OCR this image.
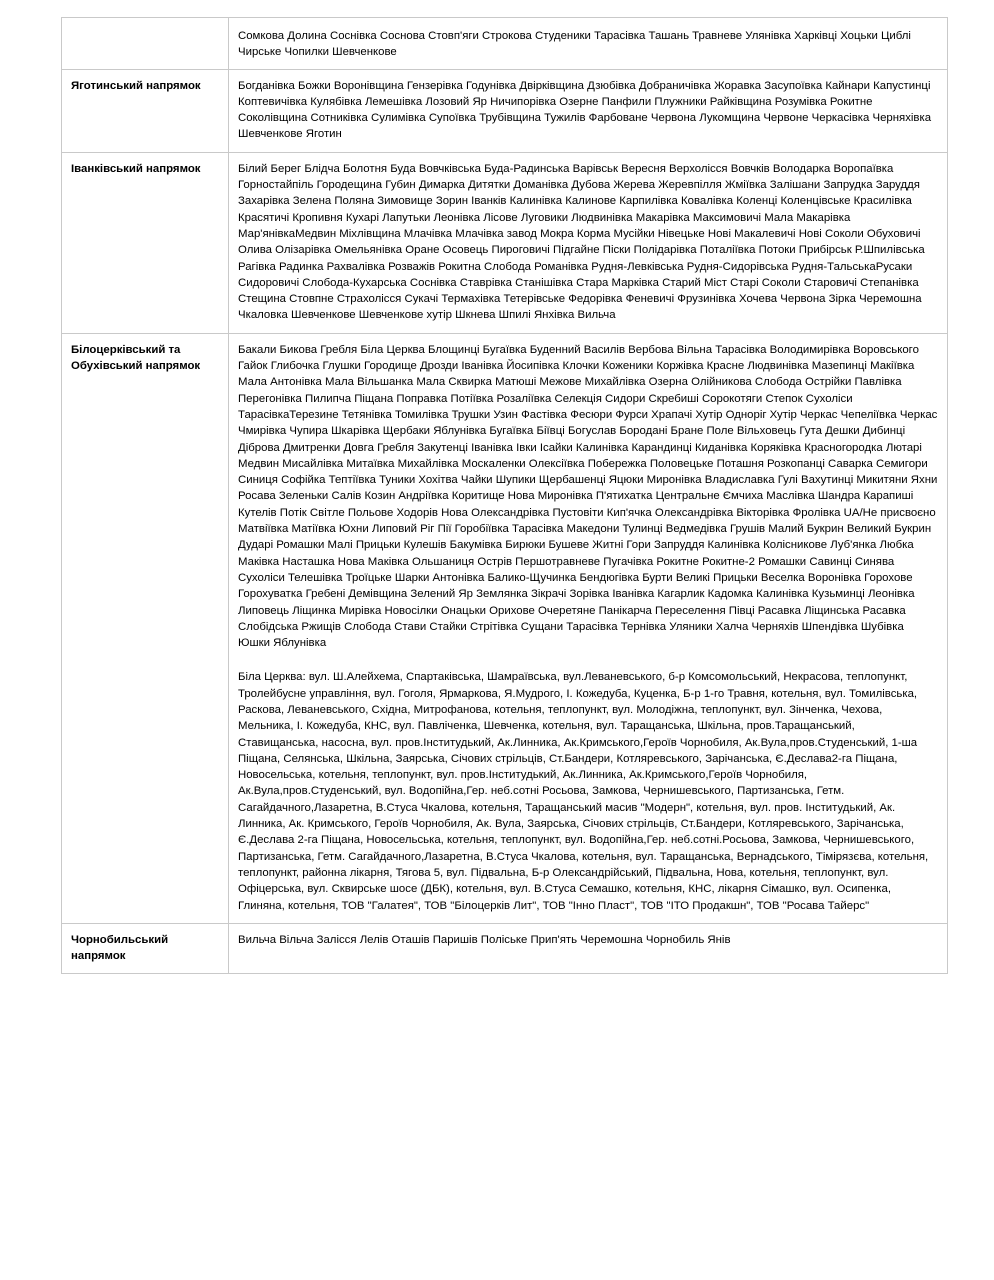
	Сомкова Долина Соснівка Соснова Стовп'яги Строкова Студеники Тарасівка Ташань Травневе Улянівка Харківці Хоцьки Циблі Чирське Чопилки Шевченкове
Яготинський напрямок	Богданівка Божки Воронівщина Гензерівка Годунівка Двірківщина Дзюбівка Добраничівка Жоравка Засупоївка Кайнари Капустинці Коптевичівка Кулябівка Лемешівка Лозовий Яр Ничипорівка Озерне Панфили Плужники Райківщина Розумівка Рокитне Соколівщина Сотниківка Сулимівка Супоївка Трубівщина Тужилів Фарбоване Червона Лукомщина Червоне Черкасівка Черняхівка Шевченкове Яготин
Іванківський напрямок	Білий Берег Блідча Болотня Буда Вовчківська Буда-Радинська Варівськ Вересня Верхолісся Вовчків Володарка Воропаївка Горностайпіль Городещина Губин Димарка Дитятки Доманівка Дубова Жерева Жеревпілля Жміївка Залішани Запрудка Заруддя Захарівка Зелена Поляна Зимовище Зорин Іванків Калинівка Калинове Карпилівка Ковалівка Коленці Коленцівське Красилівка Красятичі Кропивня Кухарі Лапутьки Леонівка Лісове Луговики Людвинівка Макарівка Максимовичі Мала Макарівка Мар'янівкаМедвин Міхлівщина Млачівка Млачівка завод Мокра Корма Мусійки Нівецьке Нові Макалевичі Нові Соколи Обуховичі Олива Олізарівка Омельянівка Оране Осовець Пироговичі Підгайне Піски Полідарівка Поталіївка Потоки Прибірськ Р.Шпилівська Рагівка Радинка Рахвалівка Розважів Рокитна Слобода Романівка Рудня-Левківська Рудня-Сидорівська Рудня-ТальськаРусаки Сидоровичі Слобода-Кухарська Соснівка Ставрівка Станішівка Стара Марківка Старий Міст Старі Соколи Старовичі Степанівка Стещина Стовпне Страхолісся Сукачі Термахівка Тетерівське Федорівка Феневичі Фрузинівка Хочева Червона Зірка Черемошна Чкаловка Шевченкове Шевченкове хутір Шкнева Шпилі Янхівка Вильча
Білоцерківський та Обухівський напрямок	Бакали Бикова Гребля Біла Церква Блощинці Бугаївка Буденний Василів Вербова Вільна Тарасівка Володимирівка Воровського Гайок Глибочка Глушки Городище Дрозди Іванівка Йосипівка Клочки Коженики Коржівка Красне Людвинівка Мазепинці Макіївка Мала Антонівка Мала Вільшанка Мала Сквирка Матюші Межове Михайлівка Озерна Олійникова Слобода Острійки Павлівка Перегонівка Пилипча Піщана Поправка Потіївка Розаліївка Селекція Сидори Скребиші Сорокотяги Степок Сухоліси ТарасівкаТерезине Тетянівка Томилівка Трушки Узин Фастівка Фесюри Фурси Храпачі Хутір Одноріг Хутір Черкас Чепеліївка Черкас Чмирівка Чупира Шкарівка Щербаки Яблунівка Бугаївка Біївці Богуслав Бородані Бране Поле Вільховець Гута Дешки Дибинці Діброва Дмитренки Довга Гребля Закутенці Іванівка Івки Ісайки Калинівка Карандинці Киданівка Коряківка Красногородка Лютарі Медвин Мисайлівка Митаївка Михайлівка Москаленки Олексіївка Побережка Половецьке Поташня Розкопанці Саварка Семигори Синиця Софійка Тептіївка Туники Хохітва Чайки Шупики Щербашенці Яцюки Миронівка Владиславка Гулі Вахутинці Микитяни Яхни Росава Зеленьки Салів Козин Андріївка Коритище Нова Миронівка П'ятихатка Центральне Ємчиха Маслівка Шандра Карапиші Кутелів Потік Світле Польове Ходорів Нова Олександрівка Пустовіти Кип'ячка Олександрівка Вікторівка Фролівка UA/Не присвоєно Матвіївка Матіївка Юхни Липовий Ріг Пії Горобіївка Тарасівка Македони Тулинці Ведмедівка Грушів Малий Букрин Великий Букрин Дударі Ромашки Малі Прицьки Кулешів Бакумівка Бирюки Бушеве Житні Гори Запруддя Калинівка Колісникове Луб'янка Любка Маківка Насташка Нова Маківка Ольшаниця Острів Першотравневе Пугачівка Рокитне Рокитне-2 Ромашки Савинці Синява Сухоліси Телешівка Троїцьке Шарки Антонівка Балико-Щучинка Бендюгівка Бурти Великі Прицьки Веселка Воронівка Горохове Горохуватка Гребені Демівщина Зелений Яр Землянка Зікрачі Зорівка Іванівка Кагарлик Кадомка Калинівка Кузьминці Леонівка Липовець Ліщинка Мирівка Новосілки Онацьки Орихове Очеретяне Панікарча Переселення Півці Расавка Ліщинська Расавка Слобідська Ржищів Слобода Стави Стайки Стрітівка Сущани Тарасівка Тернівка Уляники Халча Черняхів Шпендівка Шубівка Юшки Яблунівка
Біла Церква: вул. Ш.Алейхема, Спартаківська, Шамраївська, вул.Леваневського, б-р Комсомольський, Некрасова, теплопункт, Тролейбусне управління, вул. Гоголя, Ярмаркова, Я.Мудрого, І. Кожедуба, Куценка, Б-р 1-го Травня, котельня, вул. Томилівська, Раскова, Леваневського, Східна, Митрофанова, котельня, теплопункт, вул. Молодіжна, теплопункт, вул. Зінченка, Чехова, Мельника, І. Кожедуба, КНС, вул. Павліченка, Шевченка, котельня, вул. Таращанська, Шкільна, пров.Таращанський, Ставищанська, насосна, вул. пров.Інститудький, Ак.Линника, Ак.Кримського,Героїв Чорнобиля, Ак.Вула,пров.Студенський, 1-ша Піщана, Селянська, Шкільна, Заярська, Січових стрільців, Ст.Бандери, Котляревського, Зарічанська, Є.Деслава2-га Піщана, Новосельська, котельня, теплопункт, вул. пров.Інститудький, Ак.Линника, Ак.Кримського,Героїв Чорнобиля, Ак.Вула,пров.Студенський, вул. Водопійна,Гер. неб.сотні Росьова, Замкова, Чернишевського, Партизанська, Гетм. Сагайдачного,Лазаретна, В.Стуса Чкалова, котельня, Таращанський масив "Модерн", котельня, вул. пров. Інститудький, Ак. Линника, Ак. Кримського, Героїв Чорнобиля, Ак. Вула, Заярська, Січових стрільців, Ст.Бандери, Котляревського, Зарічанська, Є.Деслава 2-га Піщана, Новосельська, котельня, теплопункт, вул. Водопійна,Гер. неб.сотні.Росьова, Замкова, Чернишевського, Партизанська, Гетм. Сагайдачного,Лазаретна, В.Стуса Чкалова, котельня, вул. Таращанська, Вернадського, Тімірязєва, котельня, теплопункт, районна лікарня, Тягова 5, вул. Підвальна, Б-р Олександрійський, Підвальна, Нова, котельня, теплопункт, вул. Офіцерська, вул. Сквирське шосе (ДБК), котельня, вул. В.Стуса Семашко, котельня, КНС, лікарня Сімашко, вул. Осипенка, Глиняна, котельня, ТОВ "Галатея", ТОВ "Білоцерків Лит", ТОВ "Інно Пласт", ТОВ "ІТО Продакшн", ТОВ "Росава Тайерс"

Чорнобильський напрямок	Вильча Вільча Залісся Лелів Оташів Паришів Поліське Прип'ять Черемошна Чорнобиль Янів
